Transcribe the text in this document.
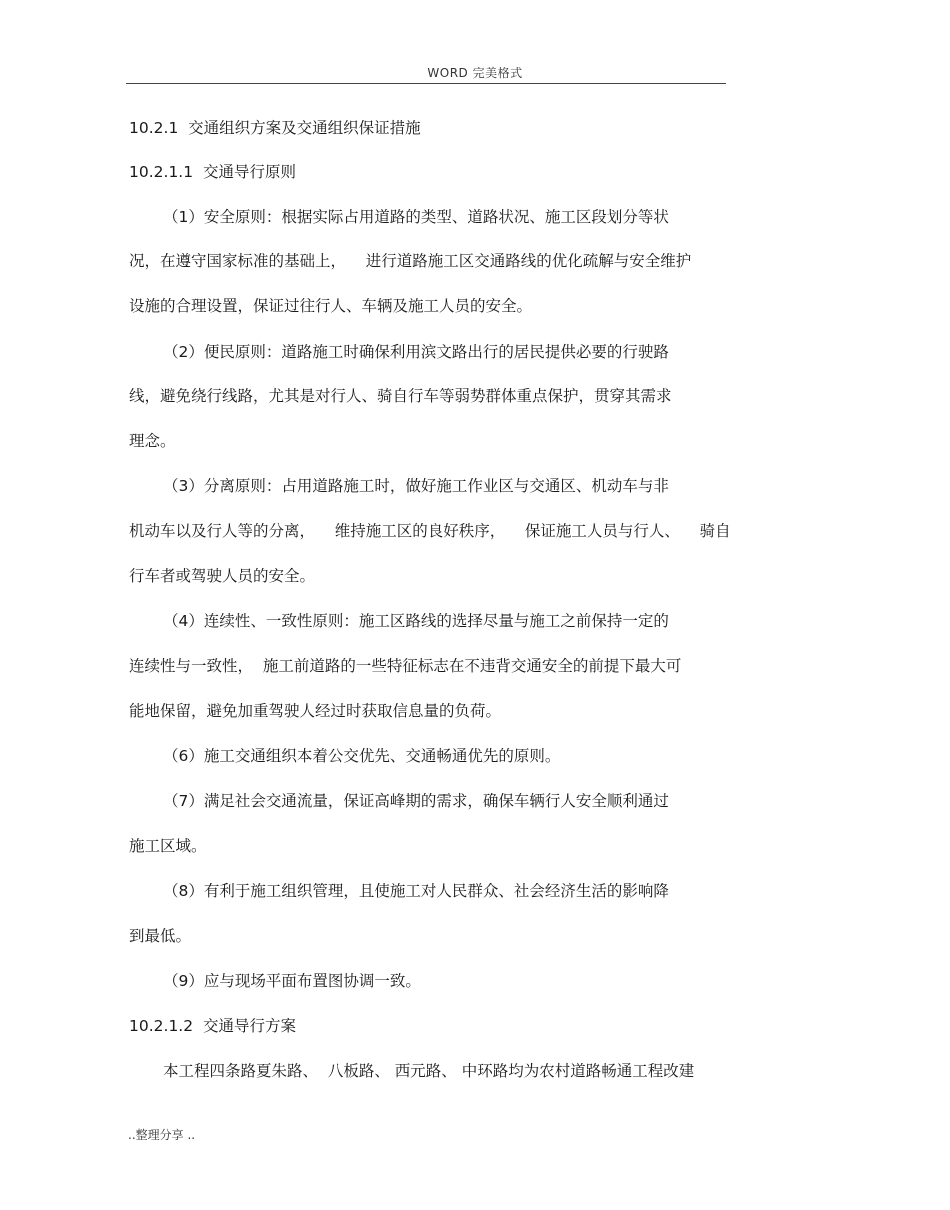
WORD 完美格式
10.2.1  交通组织方案及交通组织保证措施
10.2.1.1  交通导行原则
（1）安全原则：根据实际占用道路的类型、道路状况、施工区段划分等状
况，在遵守国家标准的基础上，    进行道路施工区交通路线的优化疏解与安全维护
设施的合理设置，保证过往行人、车辆及施工人员的安全。
（2）便民原则：道路施工时确保利用滨文路出行的居民提供必要的行驶路
线，避免绕行线路，尤其是对行人、骑自行车等弱势群体重点保护，贯穿其需求
理念。
（3）分离原则：占用道路施工时，做好施工作业区与交通区、机动车与非
机动车以及行人等的分离，    维持施工区的良好秩序，    保证施工人员与行人、    骑自
行车者或驾驶人员的安全。
（4）连续性、一致性原则：施工区路线的选择尽量与施工之前保持一定的
连续性与一致性，  施工前道路的一些特征标志在不违背交通安全的前提下最大可
能地保留，避免加重驾驶人经过时获取信息量的负荷。
（6）施工交通组织本着公交优先、交通畅通优先的原则。
（7）满足社会交通流量，保证高峰期的需求，确保车辆行人安全顺利通过
施工区域。
（8）有利于施工组织管理，且使施工对人民群众、社会经济生活的影响降
到最低。
（9）应与现场平面布置图协调一致。
10.2.1.2  交通导行方案
本工程四条路夏朱路、  八板路、 西元路、 中环路均为农村道路畅通工程改建
..整理分享 ..
